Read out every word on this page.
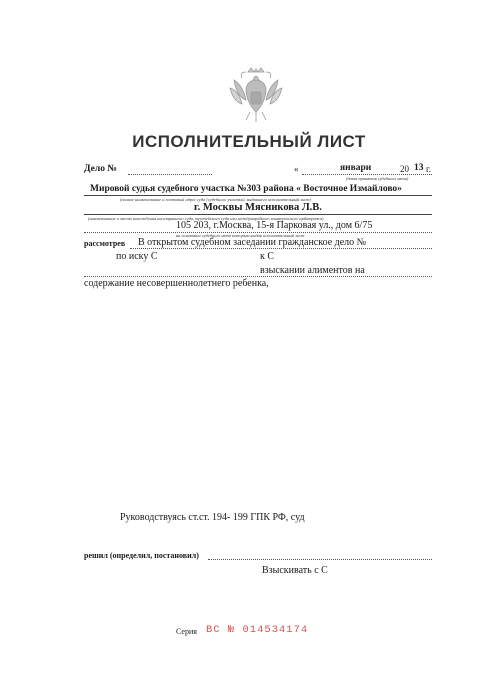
ИСПОЛНИТЕЛЬНЫЙ ЛИСТ
Дело №	«	январи	20 13 г.
(дата принятия судебного акта)
Мировой судья судебного участка №303 района « Восточное Измайлово»
(полное наименование и почтовый адрес суда (судебного участка), выдавшего исполнительный лист)
г. Москвы Мясникова Л.В.
(наименование и место нахождения иностранного суда, третейского суда или международного коммерческого арбитража)
105 203, г.Москва, 15-я Парковая ул., дом 6/75
на основании судебного акта которым выдан исполнительный лист
рассмотрев В открытом судебном заседании гражданское дело №
по иску С	к С
взыскании алиментов на
содержание несовершеннолетнего ребенка,
Руководствуясь ст.ст. 194- 199 ГПК РФ, суд
решил (определил, постановил)
Взыскивать с С
Серия ВС № 014534174
